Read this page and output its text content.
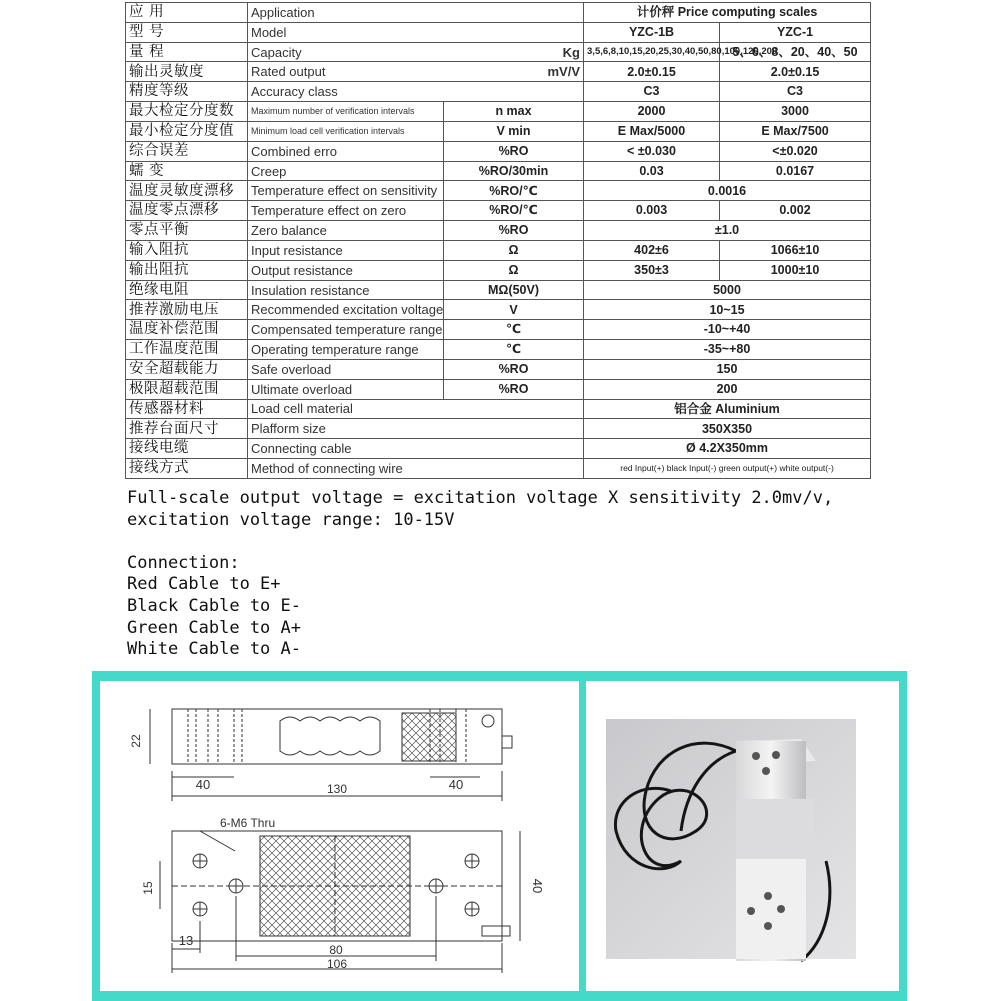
应 用	Application		计价秤 Price computing scales	
型 号	Model		YZC-1B	YZC-1
量 程	Capacity Kg		3,5,6,8,10,15,20,25,30,40,50,80,100,120,200	5、6、8、20、40、50
输出灵敏度	Rated output mV/V		2.0±0.15	2.0±0.15
精度等级	Accuracy class		C3	C3
最大检定分度数	Maximum number of verification intervals	n max	2000	3000
最小检定分度值	Minimum load cell verification intervals	V min	E Max/5000	E Max/7500
综合误差	Combined erro	%RO	< ±0.030	<±0.020
蠕 变	Creep	%RO/30min	0.03	0.0167
温度灵敏度漂移	Temperature effect on sensitivity	%RO/℃	0.0016	
温度零点漂移	Temperature effect on zero	%RO/℃	0.003	0.002
零点平衡	Zero balance	%RO	±1.0	
输入阻抗	Input resistance	Ω	402±6	1066±10
输出阻抗	Output resistance	Ω	350±3	1000±10
绝缘电阻	Insulation resistance	MΩ(50V)	5000	
推荐激励电压	Recommended excitation voltage	V	10~15	
温度补偿范围	Compensated temperature range	℃	-10~+40	
工作温度范围	Operating temperature range	℃	-35~+80	
安全超载能力	Safe overload	%RO	150	
极限超载范围	Ultimate overload	%RO	200	
传感器材料	Load cell material		铝合金 Aluminium	
推荐台面尺寸	Plafform size		350X350	
接线电缆	Connecting cable		Ø 4.2X350mm	
接线方式	Method of connecting wire		red Input(+) black Input(-) green output(+) white output(-)	

Full-scale output voltage = excitation voltage X sensitivity 2.0mv/v,

excitation voltage range: 10-15V

Connection:

Red Cable to E+

Black Cable to E-

Green Cable to A+

White Cable to A-

22
40	40
130
6-M6 Thru
15	40
13
80
106
